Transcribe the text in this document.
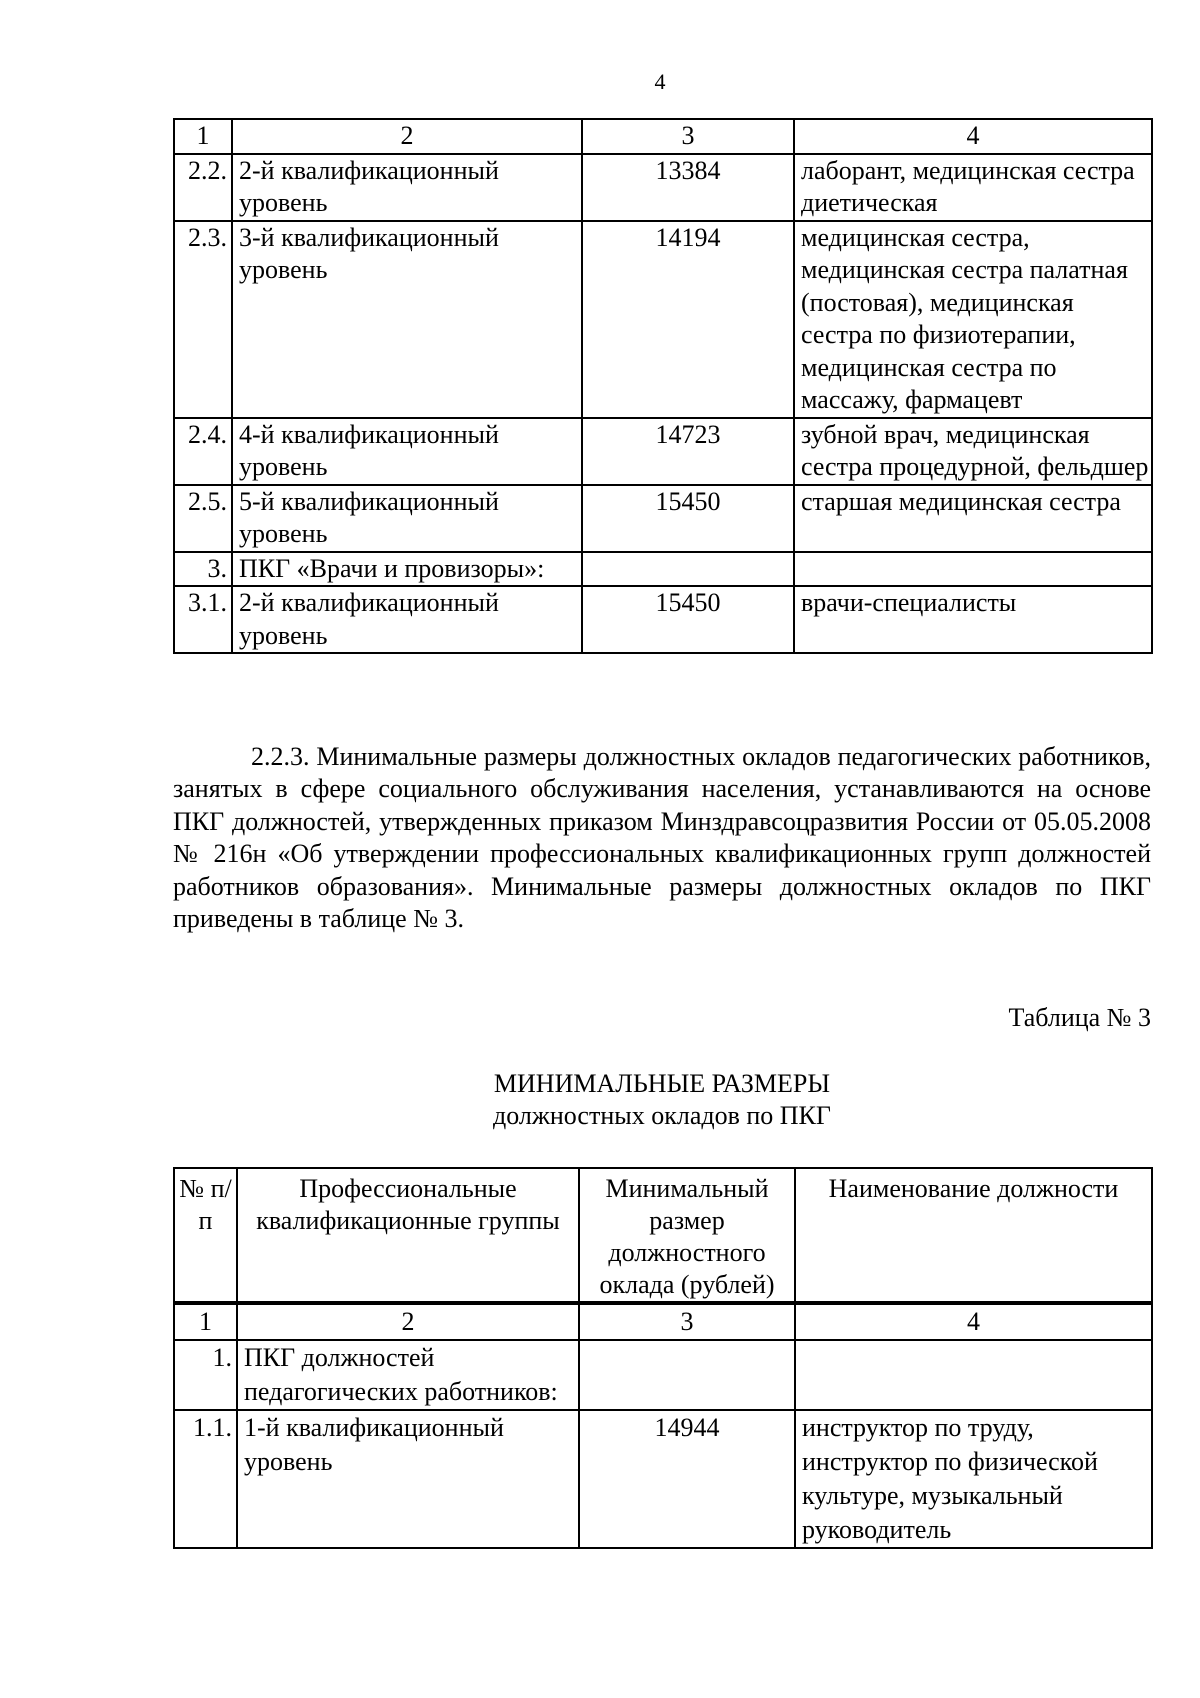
4
1	2	3	4
2.2.	2-й квалификационный уровень	13384	лаборант, медицинская сестра диетическая
2.3.	3-й квалификационный уровень	14194	медицинская сестра, медицинская сестра палатная (постовая), медицинская сестра по физиотерапии, медицинская сестра по массажу, фармацевт
2.4.	4-й квалификационный уровень	14723	зубной врач, медицинская сестра процедурной, фельдшер
2.5.	5-й квалификационный уровень	15450	старшая медицинская сестра
3.	ПКГ «Врачи и провизоры»:		
3.1.	2-й квалификационный уровень	15450	врачи-специалисты

2.2.3. Минимальные размеры должностных окладов педагогических работников, занятых в сфере социального обслуживания населения, устанавливаются на основе ПКГ должностей, утвержденных приказом Минздравсоцразвития России от 05.05.2008 № 216н «Об утверждении профессиональных квалификационных групп должностей работников образования». Минимальные размеры должностных окладов по ПКГ приведены в таблице № 3.

Таблица № 3
МИНИМАЛЬНЫЕ РАЗМЕРЫ
должностных окладов по ПКГ
№ п/п	Профессиональные квалификационные группы	Минимальный размер должностного оклада (рублей)	Наименование должности
1	2	3	4
1.	ПКГ должностей педагогических работников:		
1.1.	1-й квалификационный уровень	14944	инструктор по труду, инструктор по физической культуре, музыкальный руководитель
